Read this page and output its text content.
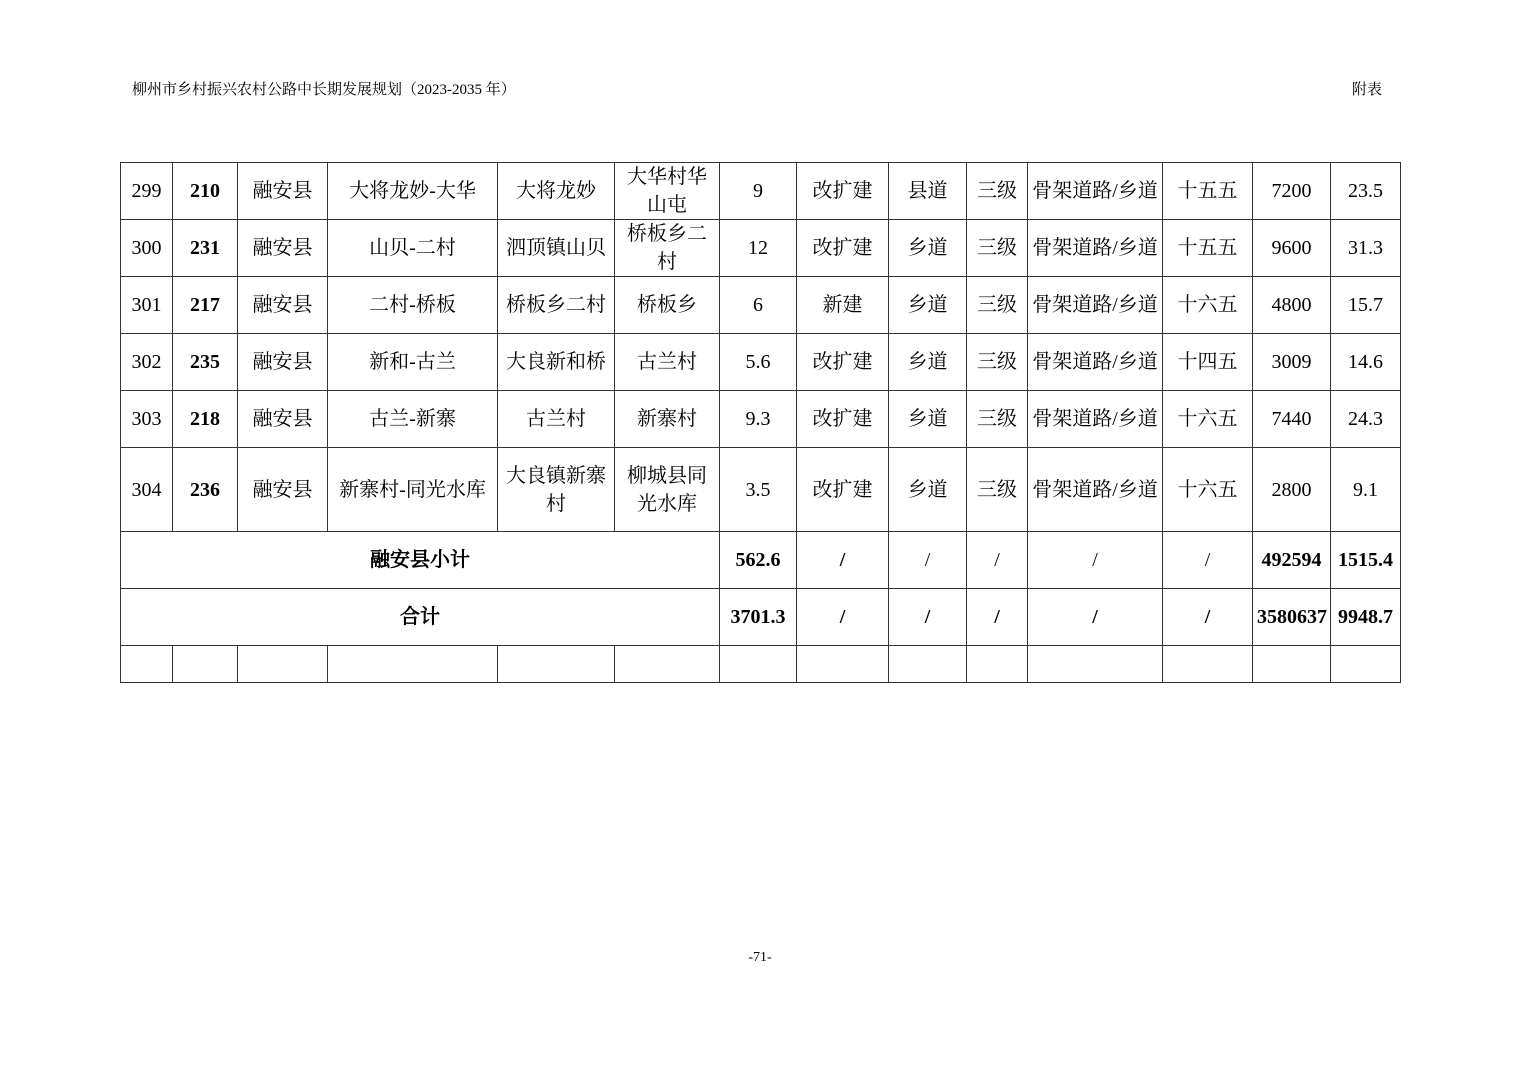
柳州市乡村振兴农村公路中长期发展规划（2023-2035 年）	附表
299	210	融安县	大将龙妙-大华	大将龙妙	大华村华山屯	9	改扩建	县道	三级	骨架道路/乡道	十五五	7200	23.5
300	231	融安县	山贝-二村	泗顶镇山贝	桥板乡二村	12	改扩建	乡道	三级	骨架道路/乡道	十五五	9600	31.3
301	217	融安县	二村-桥板	桥板乡二村	桥板乡	6	新建	乡道	三级	骨架道路/乡道	十六五	4800	15.7
302	235	融安县	新和-古兰	大良新和桥	古兰村	5.6	改扩建	乡道	三级	骨架道路/乡道	十四五	3009	14.6
303	218	融安县	古兰-新寨	古兰村	新寨村	9.3	改扩建	乡道	三级	骨架道路/乡道	十六五	7440	24.3
304	236	融安县	新寨村-同光水库	大良镇新寨村	柳城县同光水库	3.5	改扩建	乡道	三级	骨架道路/乡道	十六五	2800	9.1
融安县小计						562.6	/	/	/	/	/	492594	1515.4
合计						3701.3	/	/	/	/	/	3580637	9948.7

-71-
